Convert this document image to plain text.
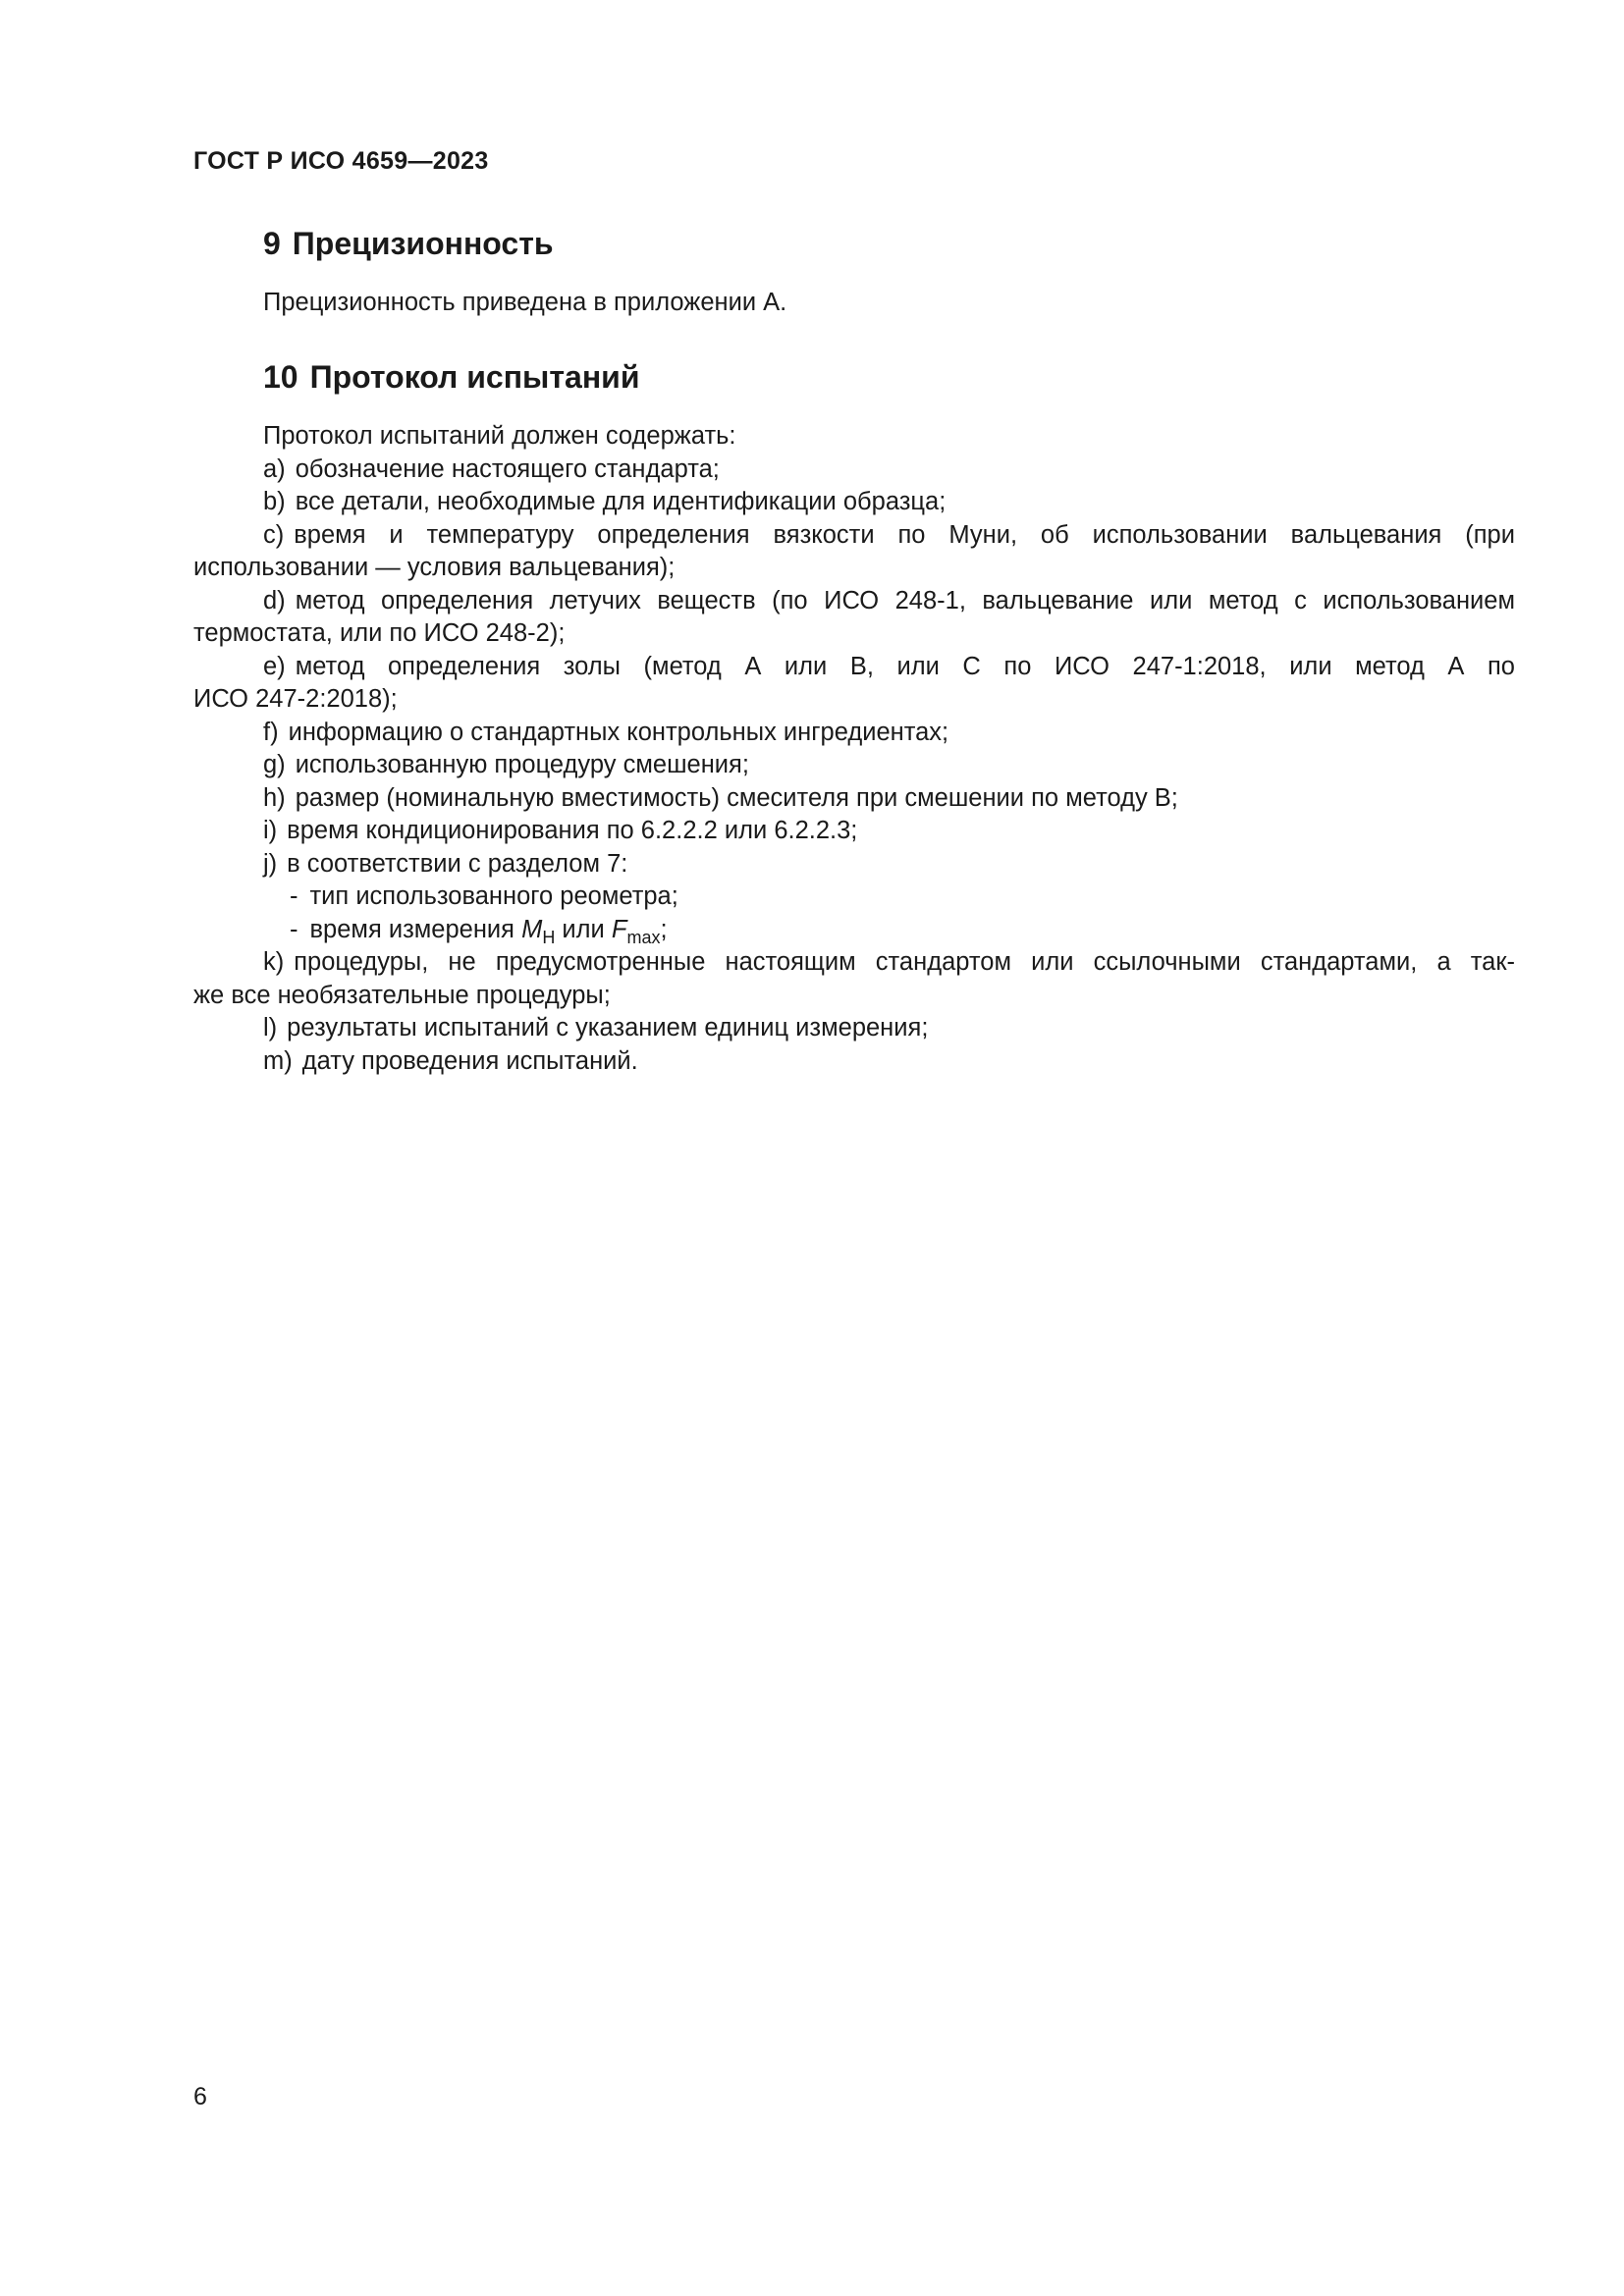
ГОСТ Р ИСО 4659—2023
9 Прецизионность
Прецизионность приведена в приложении А.
10 Протокол испытаний
Протокол испытаний должен содержать:
а) обозначение настоящего стандарта;
b) все детали, необходимые для идентификации образца;
с) время и температуру определения вязкости по Муни, об использовании вальцевания (при
использовании — условия вальцевания);
d) метод определения летучих веществ (по ИСО 248-1, вальцевание или метод с использованием
термостата, или по ИСО 248-2);
е) метод определения золы (метод А или В, или С по ИСО 247-1:2018, или метод А по
ИСО 247-2:2018);
f) информацию о стандартных контрольных ингредиентах;
g) использованную процедуру смешения;
h) размер (номинальную вместимость) смесителя при смешении по методу В;
i) время кондиционирования по 6.2.2.2 или 6.2.2.3;
j) в соответствии с разделом 7:
- тип использованного реометра;
- время измерения $M_H$ или $F_{max}$;
k) процедуры, не предусмотренные настоящим стандартом или ссылочными стандартами, а так-
же все необязательные процедуры;
l) результаты испытаний с указанием единиц измерения;
m) дату проведения испытаний.
6
